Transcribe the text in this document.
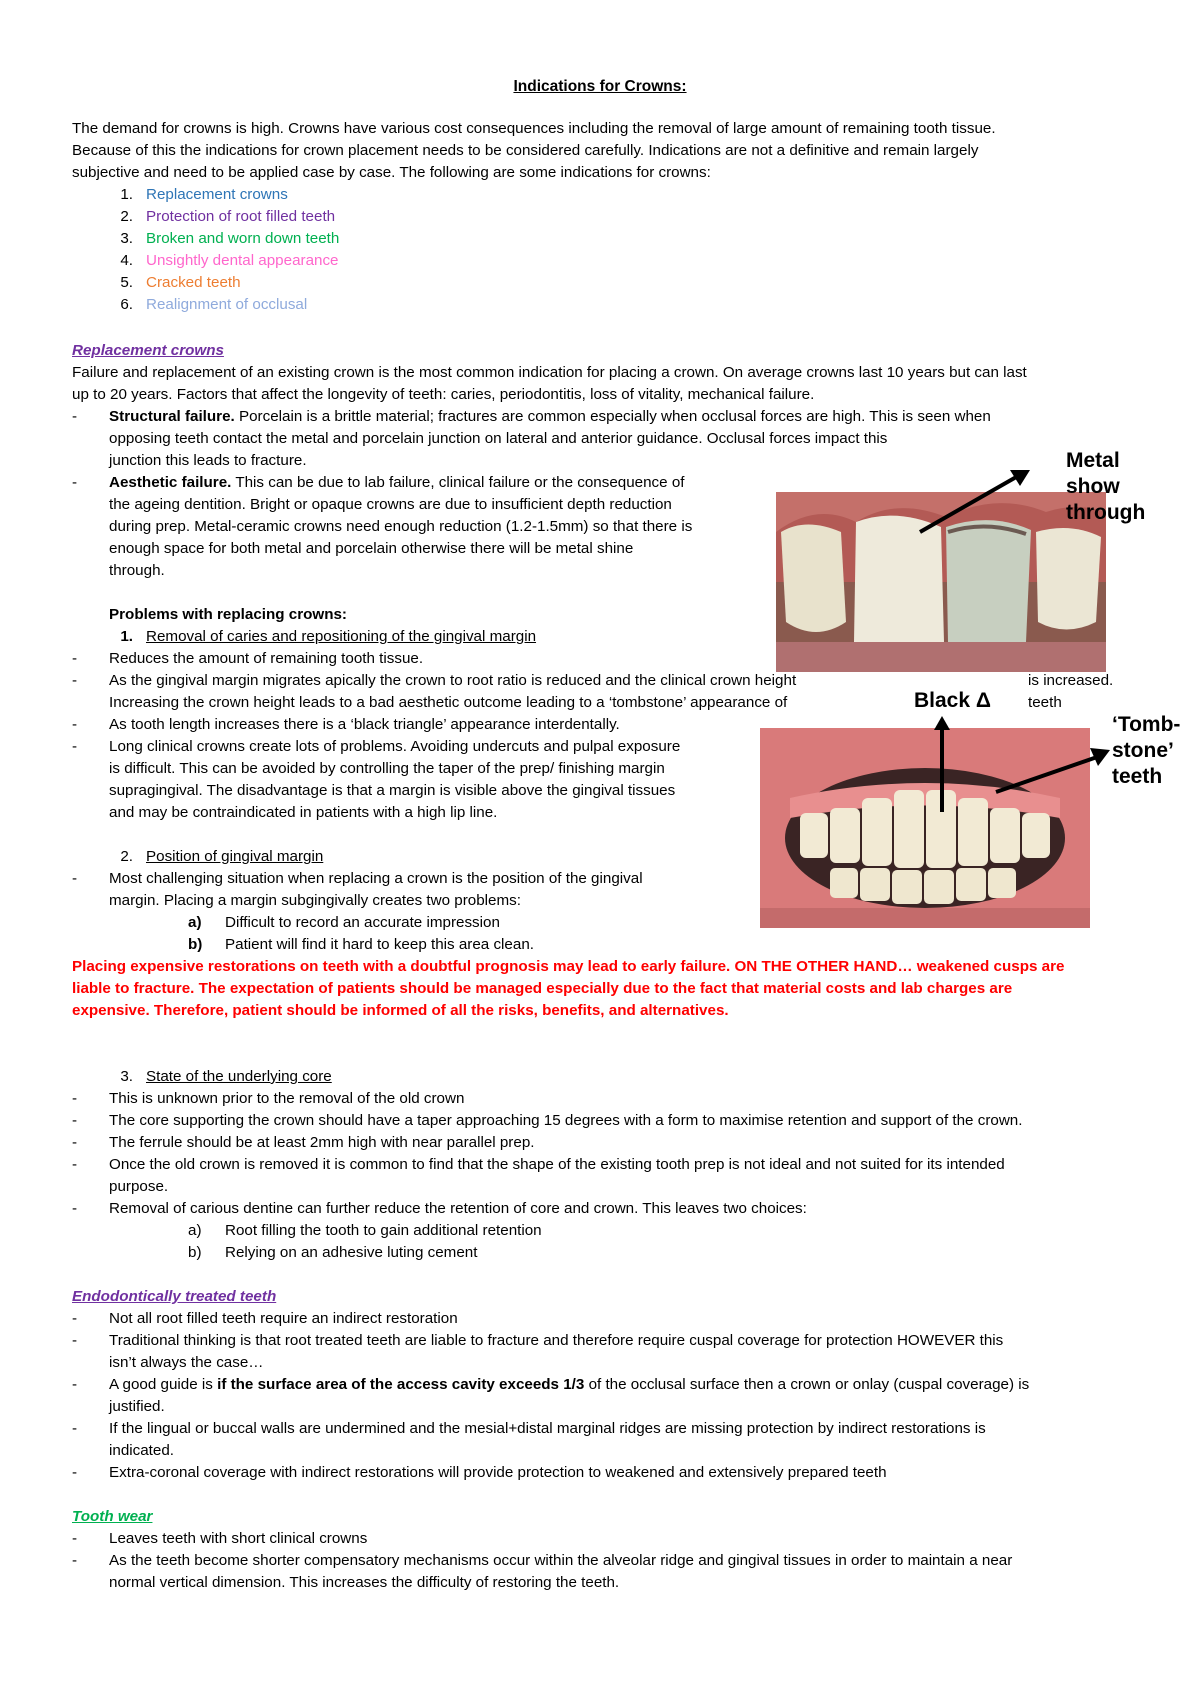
Indications for Crowns:
The demand for crowns is high. Crowns have various cost consequences including the removal of large amount of remaining tooth tissue.
Because of this the indications for crown placement needs to be considered carefully. Indications are not a definitive and remain largely
subjective and need to be applied case by case. The following are some indications for crowns:
1. Replacement crowns
2. Protection of root filled teeth
3. Broken and worn down teeth
4. Unsightly dental appearance
5. Cracked teeth
6. Realignment of occlusal
Replacement crowns
Failure and replacement of an existing crown is the most common indication for placing a crown. On average crowns last 10 years but can last
up to 20 years. Factors that affect the longevity of teeth: caries, periodontitis, loss of vitality, mechanical failure.
- Structural failure. Porcelain is a brittle material; fractures are common especially when occlusal forces are high. This is seen when
opposing teeth contact the metal and porcelain junction on lateral and anterior guidance. Occlusal forces impact this
junction this leads to fracture.
- Aesthetic failure. This can be due to lab failure, clinical failure or the consequence of
the ageing dentition. Bright or opaque crowns are due to insufficient depth reduction
during prep. Metal-ceramic crowns need enough reduction (1.2-1.5mm) so that there is
enough space for both metal and porcelain otherwise there will be metal shine
through.
Problems with replacing crowns:
1. Removal of caries and repositioning of the gingival margin
- Reduces the amount of remaining tooth tissue.
- As the gingival margin migrates apically the crown to root ratio is reduced and the clinical crown height	is increased.
Increasing the crown height leads to a bad aesthetic outcome leading to a ‘tombstone’ appearance of	teeth
- As tooth length increases there is a ‘black triangle’ appearance interdentally.
- Long clinical crowns create lots of problems. Avoiding undercuts and pulpal exposure
is difficult. This can be avoided by controlling the taper of the prep/ finishing margin
supragingival. The disadvantage is that a margin is visible above the gingival tissues
and may be contraindicated in patients with a high lip line.
2. Position of gingival margin
- Most challenging situation when replacing a crown is the position of the gingival
margin. Placing a margin subgingivally creates two problems:
a) Difficult to record an accurate impression
b) Patient will find it hard to keep this area clean.
Placing expensive restorations on teeth with a doubtful prognosis may lead to early failure. ON THE OTHER HAND… weakened cusps are
liable to fracture. The expectation of patients should be managed especially due to the fact that material costs and lab charges are
expensive. Therefore, patient should be informed of all the risks, benefits, and alternatives.
3. State of the underlying core
- This is unknown prior to the removal of the old crown
- The core supporting the crown should have a taper approaching 15 degrees with a form to maximise retention and support of the crown.
- The ferrule should be at least 2mm high with near parallel prep.
- Once the old crown is removed it is common to find that the shape of the existing tooth prep is not ideal and not suited for its intended
purpose.
- Removal of carious dentine can further reduce the retention of core and crown. This leaves two choices:
a) Root filling the tooth to gain additional retention
b) Relying on an adhesive luting cement
Endodontically treated teeth
- Not all root filled teeth require an indirect restoration
- Traditional thinking is that root treated teeth are liable to fracture and therefore require cuspal coverage for protection HOWEVER this
isn’t always the case…
- A good guide is if the surface area of the access cavity exceeds 1/3 of the occlusal surface then a crown or onlay (cuspal coverage) is
justified.
- If the lingual or buccal walls are undermined and the mesial+distal marginal ridges are missing protection by indirect restorations is
indicated.
- Extra-coronal coverage with indirect restorations will provide protection to weakened and extensively prepared teeth
Tooth wear
- Leaves teeth with short clinical crowns
- As the teeth become shorter compensatory mechanisms occur within the alveolar ridge and gingival tissues in order to maintain a near
normal vertical dimension. This increases the difficulty of restoring the teeth.
Metal
show
through
Black Δ
‘Tomb-
stone’
teeth
